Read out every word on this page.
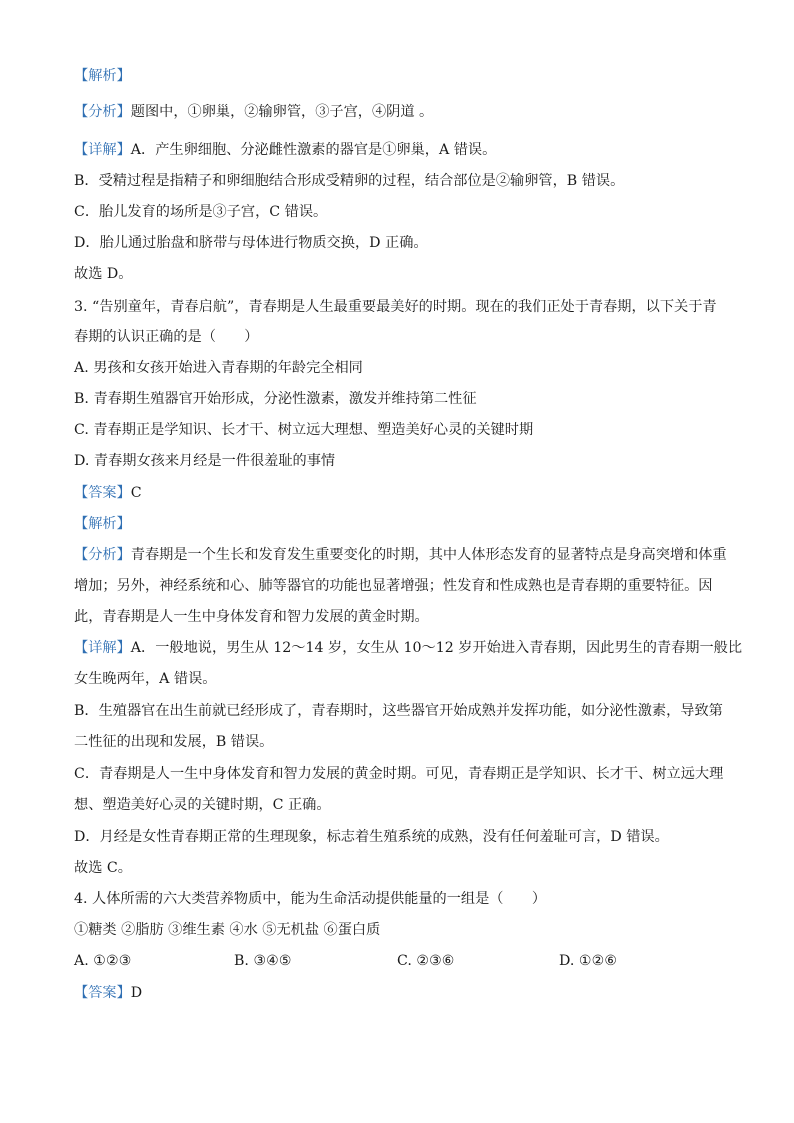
【解析】
【分析】题图中，①卵巢，②输卵管，③子宫，④阴道 。
【详解】A．产生卵细胞、分泌雌性激素的器官是①卵巢，A 错误。
B．受精过程是指精子和卵细胞结合形成受精卵的过程，结合部位是②输卵管，B 错误。
C．胎儿发育的场所是③子宫，C 错误。
D．胎儿通过胎盘和脐带与母体进行物质交换，D 正确。
故选 D。
3. “告别童年，青春启航”，青春期是人生最重要最美好的时期。现在的我们正处于青春期，以下关于青
春期的认识正确的是（　　）
A. 男孩和女孩开始进入青春期的年龄完全相同
B. 青春期生殖器官开始形成，分泌性激素，激发并维持第二性征
C. 青春期正是学知识、长才干、树立远大理想、塑造美好心灵的关键时期
D. 青春期女孩来月经是一件很羞耻的事情
【答案】C
【解析】
【分析】青春期是一个生长和发育发生重要变化的时期，其中人体形态发育的显著特点是身高突增和体重
增加；另外，神经系统和心、肺等器官的功能也显著增强；性发育和性成熟也是青春期的重要特征。因
此，青春期是人一生中身体发育和智力发展的黄金时期。
【详解】A．一般地说，男生从 12～14 岁，女生从 10～12 岁开始进入青春期，因此男生的青春期一般比
女生晚两年，A 错误。
B．生殖器官在出生前就已经形成了，青春期时，这些器官开始成熟并发挥功能，如分泌性激素，导致第
二性征的出现和发展，B 错误。
C．青春期是人一生中身体发育和智力发展的黄金时期。可见，青春期正是学知识、长才干、树立远大理
想、塑造美好心灵的关键时期，C 正确。
D．月经是女性青春期正常的生理现象，标志着生殖系统的成熟，没有任何羞耻可言，D 错误。
故选 C。
4. 人体所需的六大类营养物质中，能为生命活动提供能量的一组是（　　）
①糖类 ②脂肪 ③维生素 ④水 ⑤无机盐 ⑥蛋白质
A. ①②③	B. ③④⑤	C. ②③⑥	D. ①②⑥
【答案】D
